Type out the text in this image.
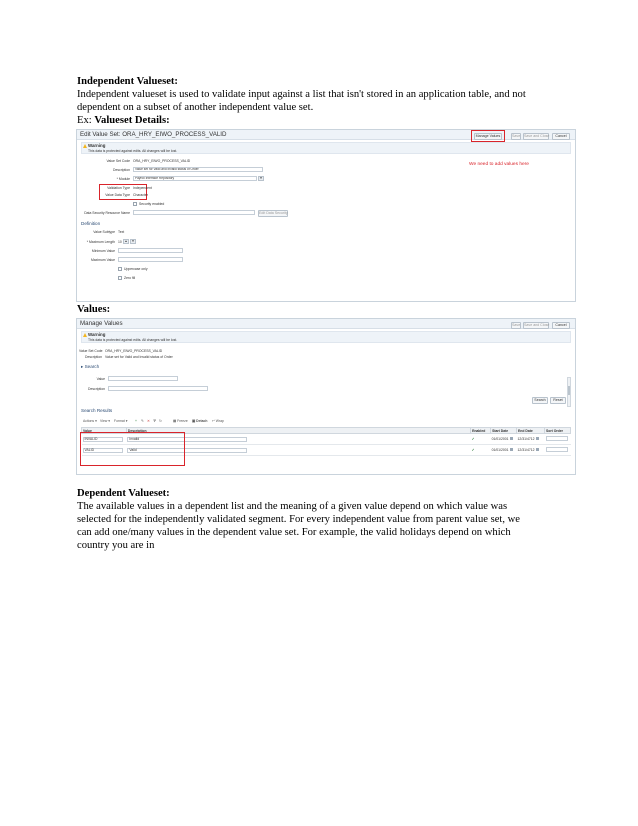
Independent Valueset:
Independent valueset is used to validate input against a list that isn't stored in an application table, and not
dependent on a subset of another independent value set.
Ex: Valueset Details:
Edit Value Set: ORA_HRY_EIWO_PROCESS_VALID	Manage Values	Save Save and Close	Cancel
We need to add values here
Warning
This data is protected against edits. All changes will be lost.
Value Set Code ORA_HRY_EIWO_PROCESS_VALID
Description	Value set for Valid and Invalid status of Order
* Module	Payroll Interface Repository	▾
Validation Type Independent
Value Data Type Character
Security enabled
Data Security Resource Name	Edit Data Security
Definition
Value Subtype Text
* Maximum Length 10 ▴	▾
Minimum Value
Maximum Value
Uppercase only
Zero fill
Values:
Manage Values	Save Save and Close	Cancel
Warning
This data is protected against edits. All changes will be lost.
Value Set Code ORA_HRY_EIWO_PROCESS_VALID
Description Value set for Valid and Invalid status of Order
▸ Search
Value
Description
Search	Reset
Search Results
Actions ▾ View ▾ Format ▾ + ✎ ✕ ⧩ ↻	▦ Freeze ▣ Detach ↵ Wrap
Value	Description	Enabled	Start Date	End Date	Sort Order
INVALID	Invalid	✓	01/01/2001	12/31/4712	
VALID	Valid	✓	01/01/2001	12/31/4712	
Dependent Valueset:
The available values in a dependent list and the meaning of a given value depend on which value was
selected for the independently validated segment. For every independent value from parent value set, we
can add one/many values in the dependent value set. For example, the valid holidays depend on which
country you are in
